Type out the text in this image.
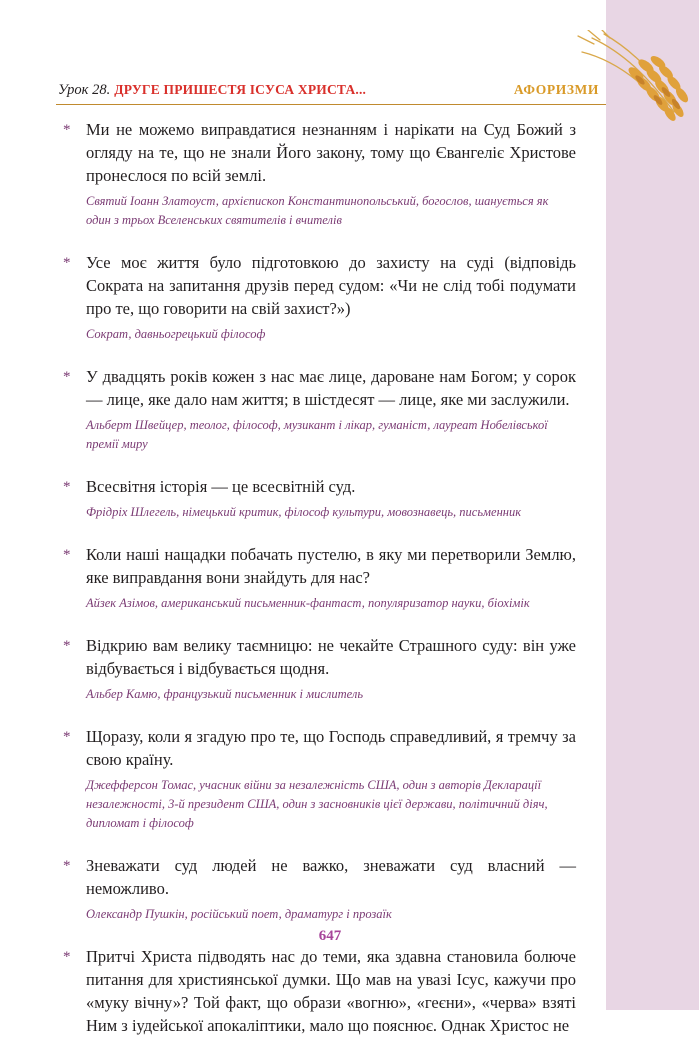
Урок 28. ДРУГЕ ПРИШЕСТЯ ІСУСА ХРИСТА...	АФОРИЗМИ
* Ми не можемо виправдатися незнанням і нарікати на Суд Божий з огляду на те, що не знали Його закону, тому що Євангеліє Христове пронеслося по всій землі.

Святий Іоанн Златоуст, архієпископ Константинопольський, богослов, шанується як один з трьох Вселенських святителів і вчителів
* Усе моє життя було підготовкою до захисту на суді (відповідь Сократа на запитання друзів перед судом: «Чи не слід тобі подумати про те, що говорити на свій захист?»)

Сократ, давньогрецький філософ
* У двадцять років кожен з нас має лице, дароване нам Богом; у сорок — лице, яке дало нам життя; в шістдесят — лице, яке ми заслужили.

Альберт Швейцер, теолог, філософ, музикант і лікар, гуманіст, лауреат Нобелівської премії миру
* Всесвітня історія — це всесвітній суд.

Фрідріх Шлегель, німецький критик, філософ культури, мовознавець, письменник
* Коли наші нащадки побачать пустелю, в яку ми перетворили Землю, яке виправдання вони знайдуть для нас?

Айзек Азімов, американський письменник-фантаст, популяризатор науки, біохімік
* Відкрию вам велику таємницю: не чекайте Страшного суду: він уже відбувається і відбувається щодня.

Альбер Камю, французький письменник і мислитель
* Щоразу, коли я згадую про те, що Господь справедливий, я тремчу за свою країну.

Джефферсон Томас, учасник війни за незалежність США, один з авторів Декларації незалежності, 3-й президент США, один з засновників цієї держави, політичний діяч, дипломат і філософ
* Зневажати суд людей не важко, зневажати суд власний — неможливо.

Олександр Пушкін, російський поет, драматург і прозаїк
* Притчі Христа підводять нас до теми, яка здавна становила болюче питання для християнської думки. Що мав на увазі Ісус, кажучи про «муку вічну»? Той факт, що образи «вогню», «геєни», «черва» взяті Ним з іудейської апокаліптики, мало що пояснює. Однак Христос не

647
